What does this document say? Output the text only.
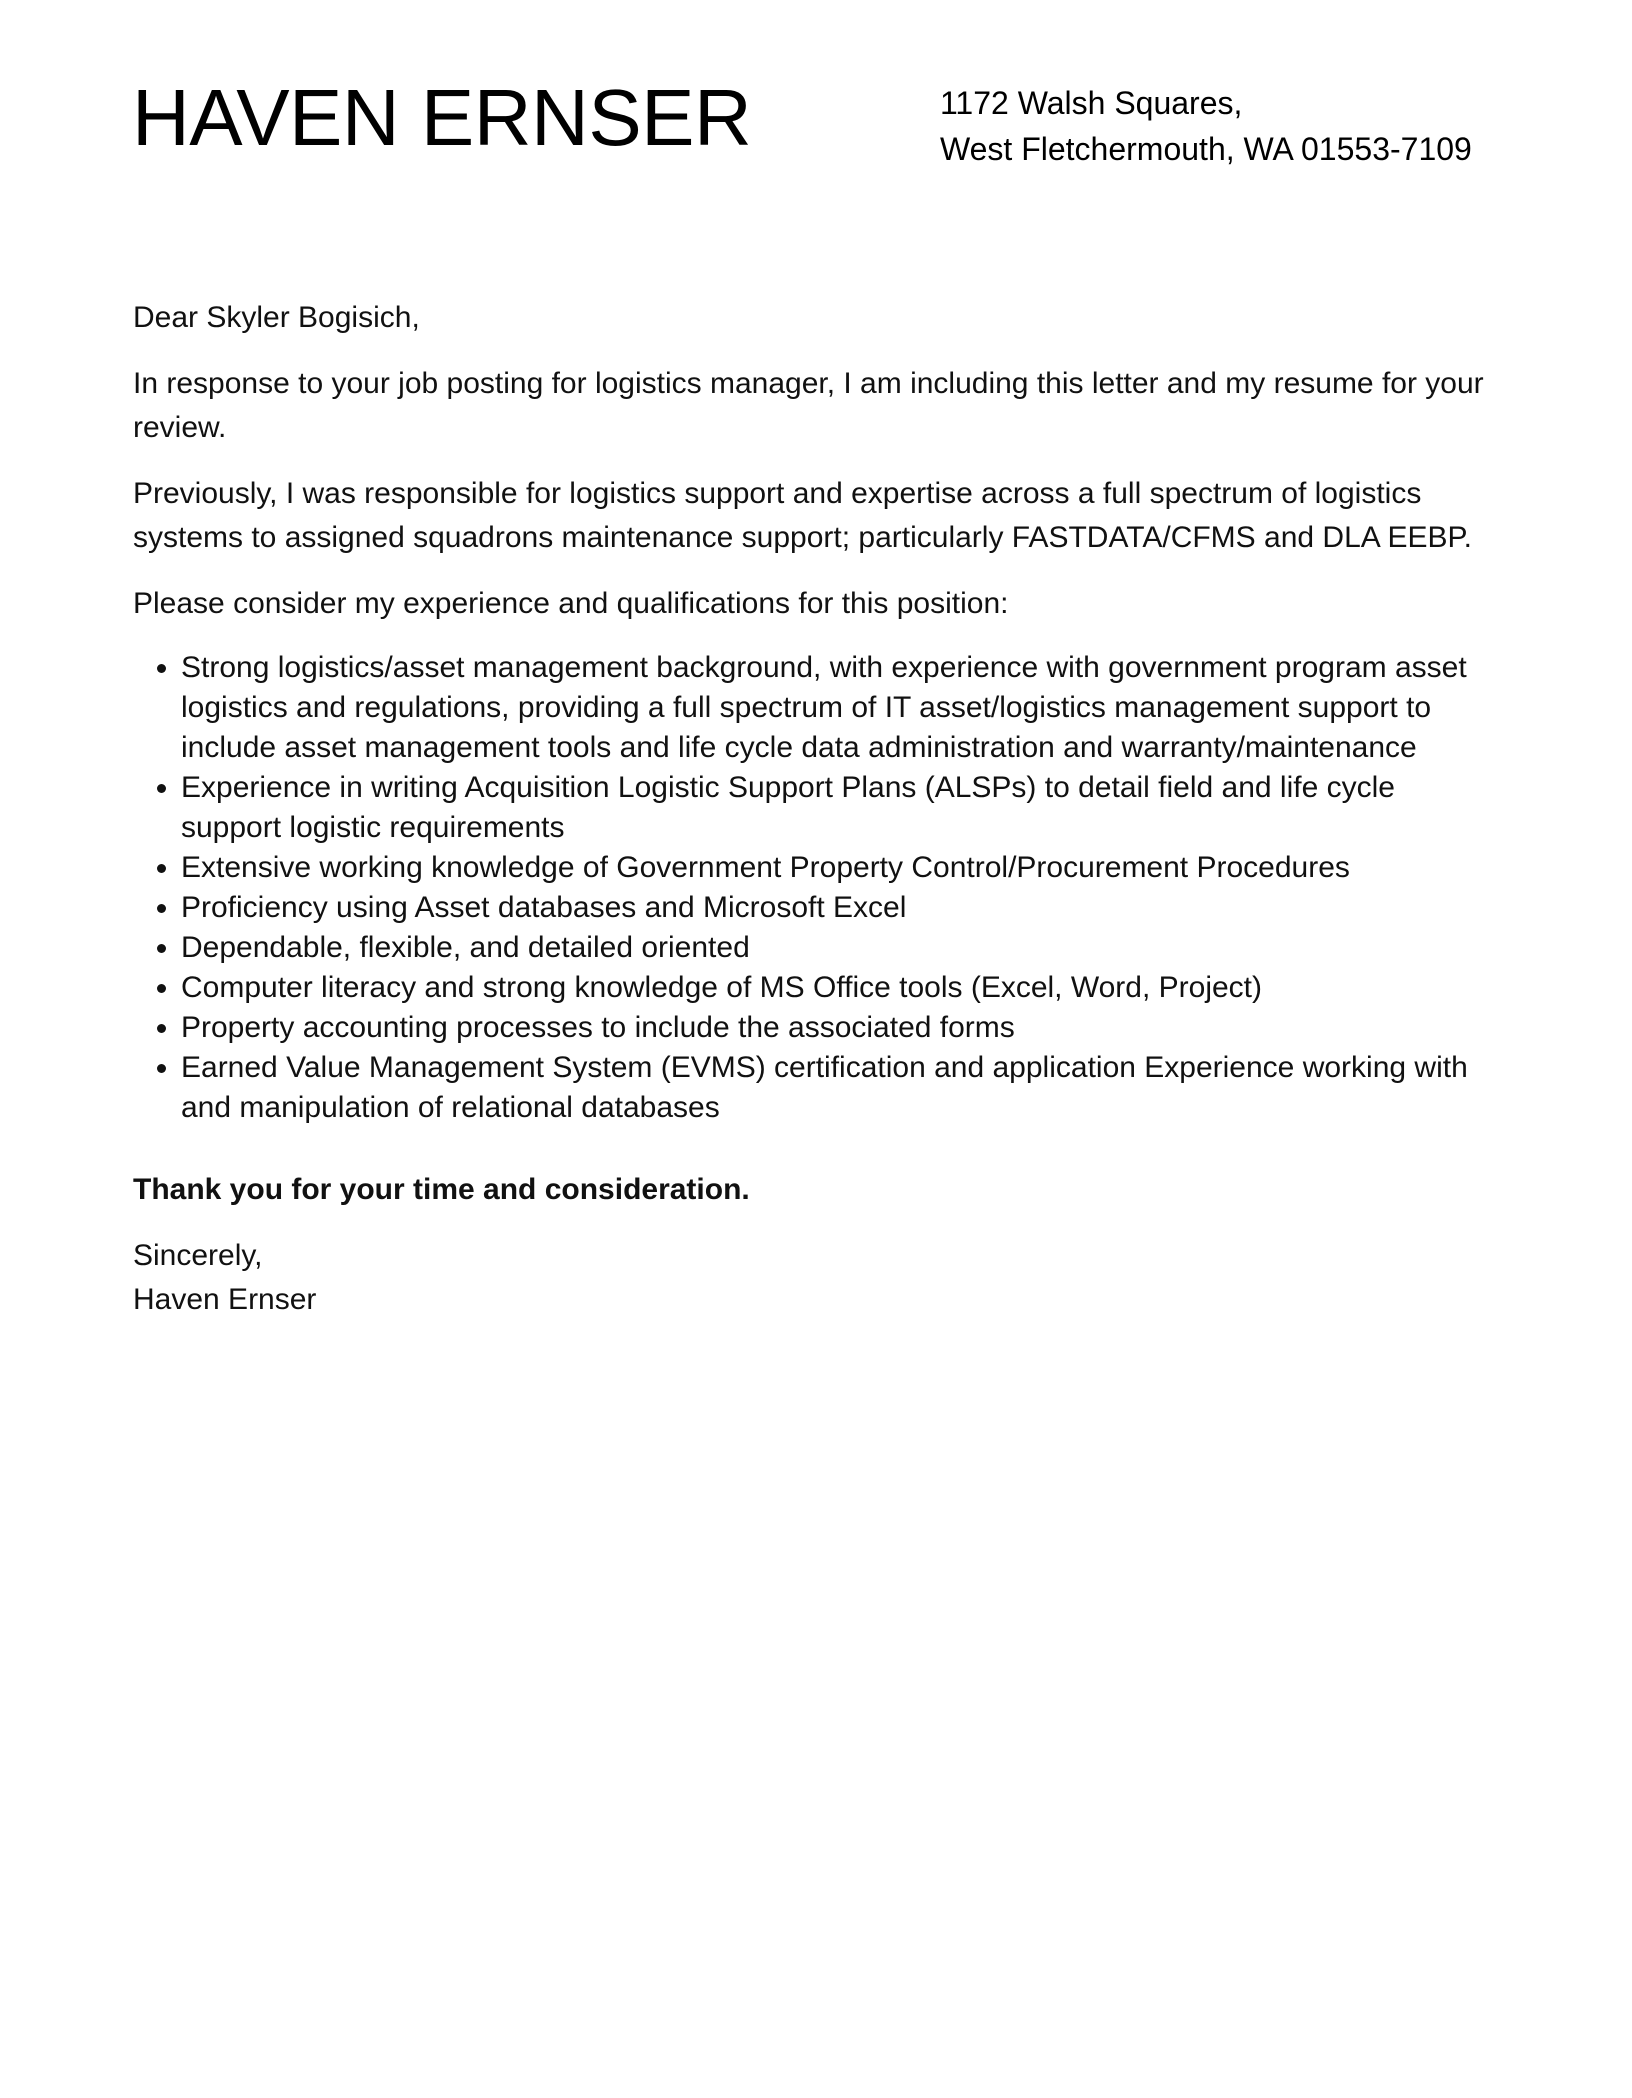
HAVEN ERNSER	1172 Walsh Squares,
West Fletchermouth, WA 01553-7109

Dear Skyler Bogisich,

In response to your job posting for logistics manager, I am including this letter and my resume for your review.

Previously, I was responsible for logistics support and expertise across a full spectrum of logistics systems to assigned squadrons maintenance support; particularly FASTDATA/CFMS and DLA EEBP.

Please consider my experience and qualifications for this position:

• Strong logistics/asset management background, with experience with government program asset logistics and regulations, providing a full spectrum of IT asset/logistics management support to include asset management tools and life cycle data administration and warranty/maintenance
• Experience in writing Acquisition Logistic Support Plans (ALSPs) to detail field and life cycle support logistic requirements
• Extensive working knowledge of Government Property Control/Procurement Procedures
• Proficiency using Asset databases and Microsoft Excel
• Dependable, flexible, and detailed oriented
• Computer literacy and strong knowledge of MS Office tools (Excel, Word, Project)
• Property accounting processes to include the associated forms
• Earned Value Management System (EVMS) certification and application Experience working with and manipulation of relational databases

Thank you for your time and consideration.

Sincerely,
Haven Ernser
